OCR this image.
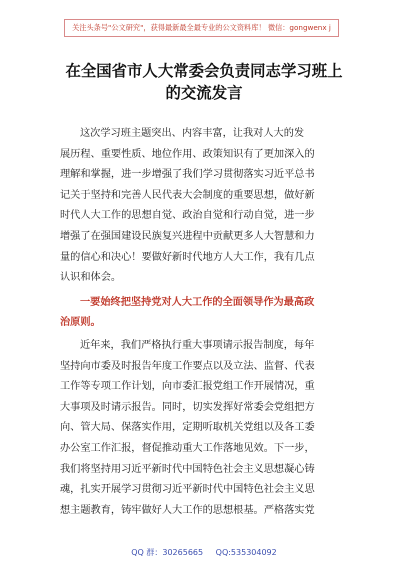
关注头条号"公文研究"，获得最新最全最专业的公文资料库！ 微信：gongwenx j
在全国省市人大常委会负责同志学习班上
的交流发言

这次学习班主题突出、内容丰富，让我对人大的发
展历程、重要性质、地位作用、政策知识有了更加深入的
理解和掌握，进一步增强了我们学习贯彻落实习近平总书
记关于坚持和完善人民代表大会制度的重要思想，做好新
时代人大工作的思想自觉、政治自觉和行动自觉，进一步
增强了在强国建设民族复兴进程中贡献更多人大智慧和力
量的信心和决心！要做好新时代地方人大工作，我有几点
认识和体会。

一要始终把坚持党对人大工作的全面领导作为最高政
治原则。

近年来，我们严格执行重大事项请示报告制度，每年
坚持向市委及时报告年度工作要点以及立法、监督、代表
工作等专项工作计划，向市委汇报党组工作开展情况，重
大事项及时请示报告。同时，切实发挥好常委会党组把方
向、管大局、保落实作用，定期听取机关党组以及各工委
办公室工作汇报，督促推动重大工作落地见效。下一步，
我们将坚持用习近平新时代中国特色社会主义思想凝心铸
魂，扎实开展学习贯彻习近平新时代中国特色社会主义思
想主题教育，铸牢做好人大工作的思想根基。严格落实党

QQ 群：30265665 QQ:535304092
